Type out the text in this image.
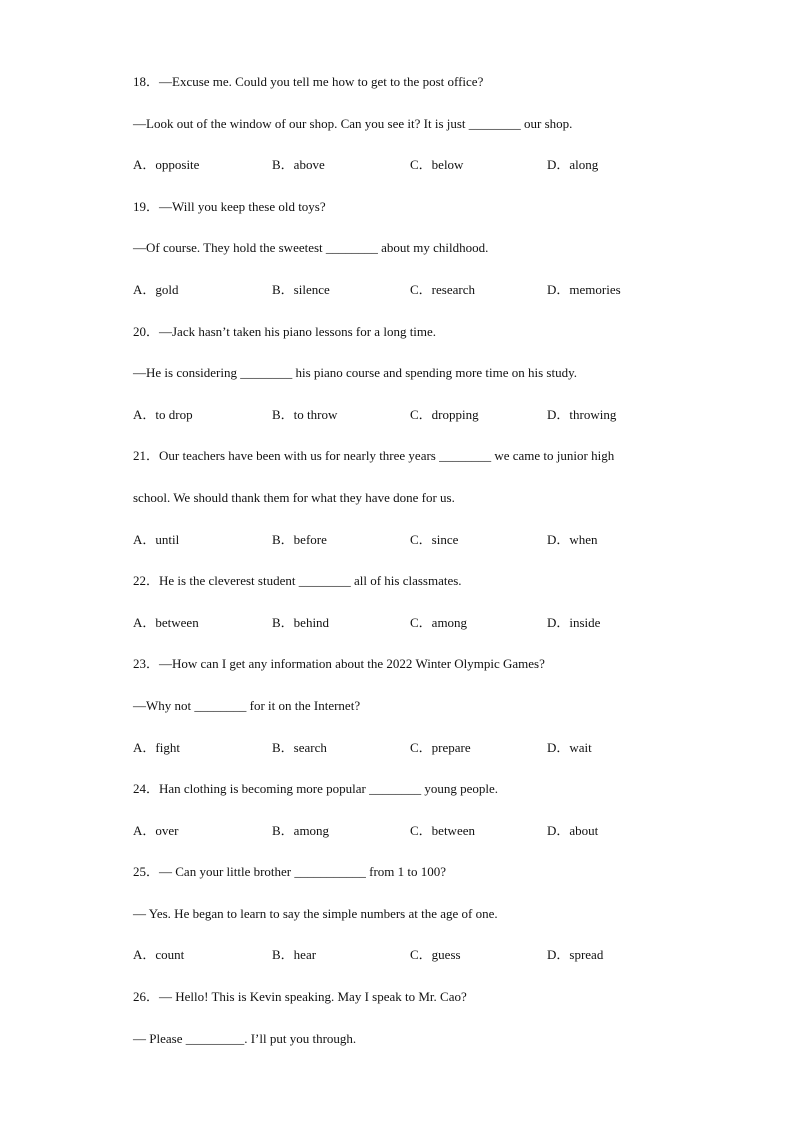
18．—Excuse me. Could you tell me how to get to the post office?
—Look out of the window of our shop. Can you see it? It is just ________ our shop.
A．opposite	B．above	C．below	D．along
19．—Will you keep these old toys?
—Of course. They hold the sweetest ________ about my childhood.
A．gold	B．silence	C．research	D．memories
20．—Jack hasn’t taken his piano lessons for a long time.
—He is considering ________ his piano course and spending more time on his study.
A．to drop	B．to throw	C．dropping	D．throwing
21．Our teachers have been with us for nearly three years ________ we came to junior high
school. We should thank them for what they have done for us.
A．until	B．before	C．since	D．when
22．He is the cleverest student ________ all of his classmates.
A．between	B．behind	C．among	D．inside
23．—How can I get any information about the 2022 Winter Olympic Games?
—Why not ________ for it on the Internet?
A．fight	B．search	C．prepare	D．wait
24．Han clothing is becoming more popular ________ young people.
A．over	B．among	C．between	D．about
25．— Can your little brother ___________ from 1 to 100?
— Yes. He began to learn to say the simple numbers at the age of one.
A．count	B．hear	C．guess	D．spread
26．— Hello! This is Kevin speaking. May I speak to Mr. Cao?
— Please _________. I’ll put you through.
